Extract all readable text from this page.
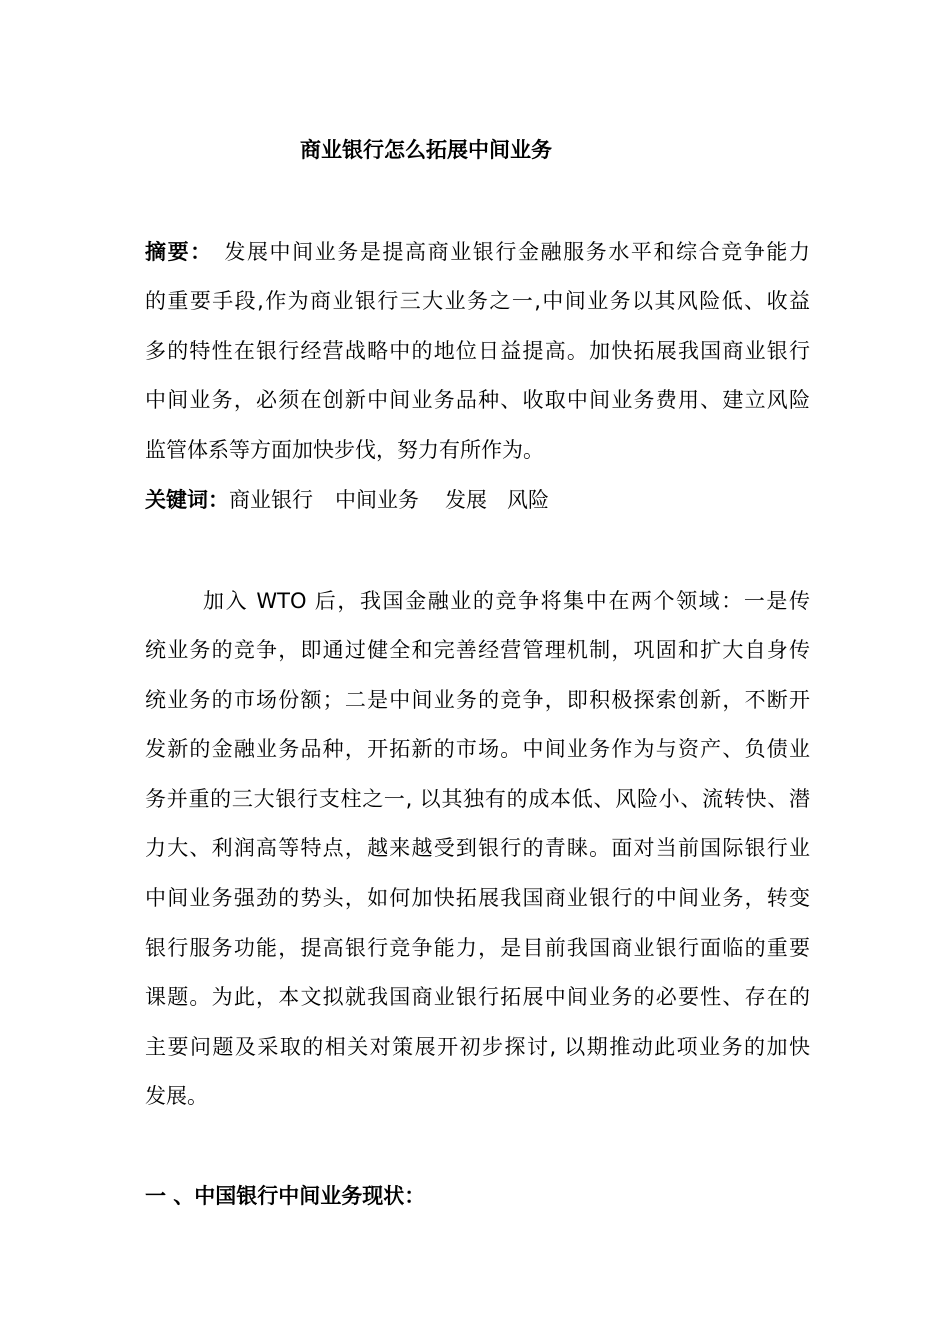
商业银行怎么拓展中间业务
摘要： 发展中间业务是提高商业银行金融服务水平和综合竞争能力
的重要手段,作为商业银行三大业务之一,中间业务以其风险低、收益
多的特性在银行经营战略中的地位日益提高。加快拓展我国商业银行
中间业务，必须在创新中间业务品种、收取中间业务费用、建立风险
监管体系等方面加快步伐，努力有所作为。
关键词：商业银行 中间业务 发展 风险
加入 WTO 后，我国金融业的竞争将集中在两个领域：一是传
统业务的竞争，即通过健全和完善经营管理机制，巩固和扩大自身传
统业务的市场份额；二是中间业务的竞争，即积极探索创新，不断开
发新的金融业务品种，开拓新的市场。中间业务作为与资产、负债业
务并重的三大银行支柱之一, 以其独有的成本低、风险小、流转快、潜
力大、利润高等特点，越来越受到银行的青睐。面对当前国际银行业
中间业务强劲的势头，如何加快拓展我国商业银行的中间业务，转变
银行服务功能，提高银行竞争能力，是目前我国商业银行面临的重要
课题。为此，本文拟就我国商业银行拓展中间业务的必要性、存在的
主要问题及采取的相关对策展开初步探讨, 以期推动此项业务的加快
发展。
一 、中国银行中间业务现状：
